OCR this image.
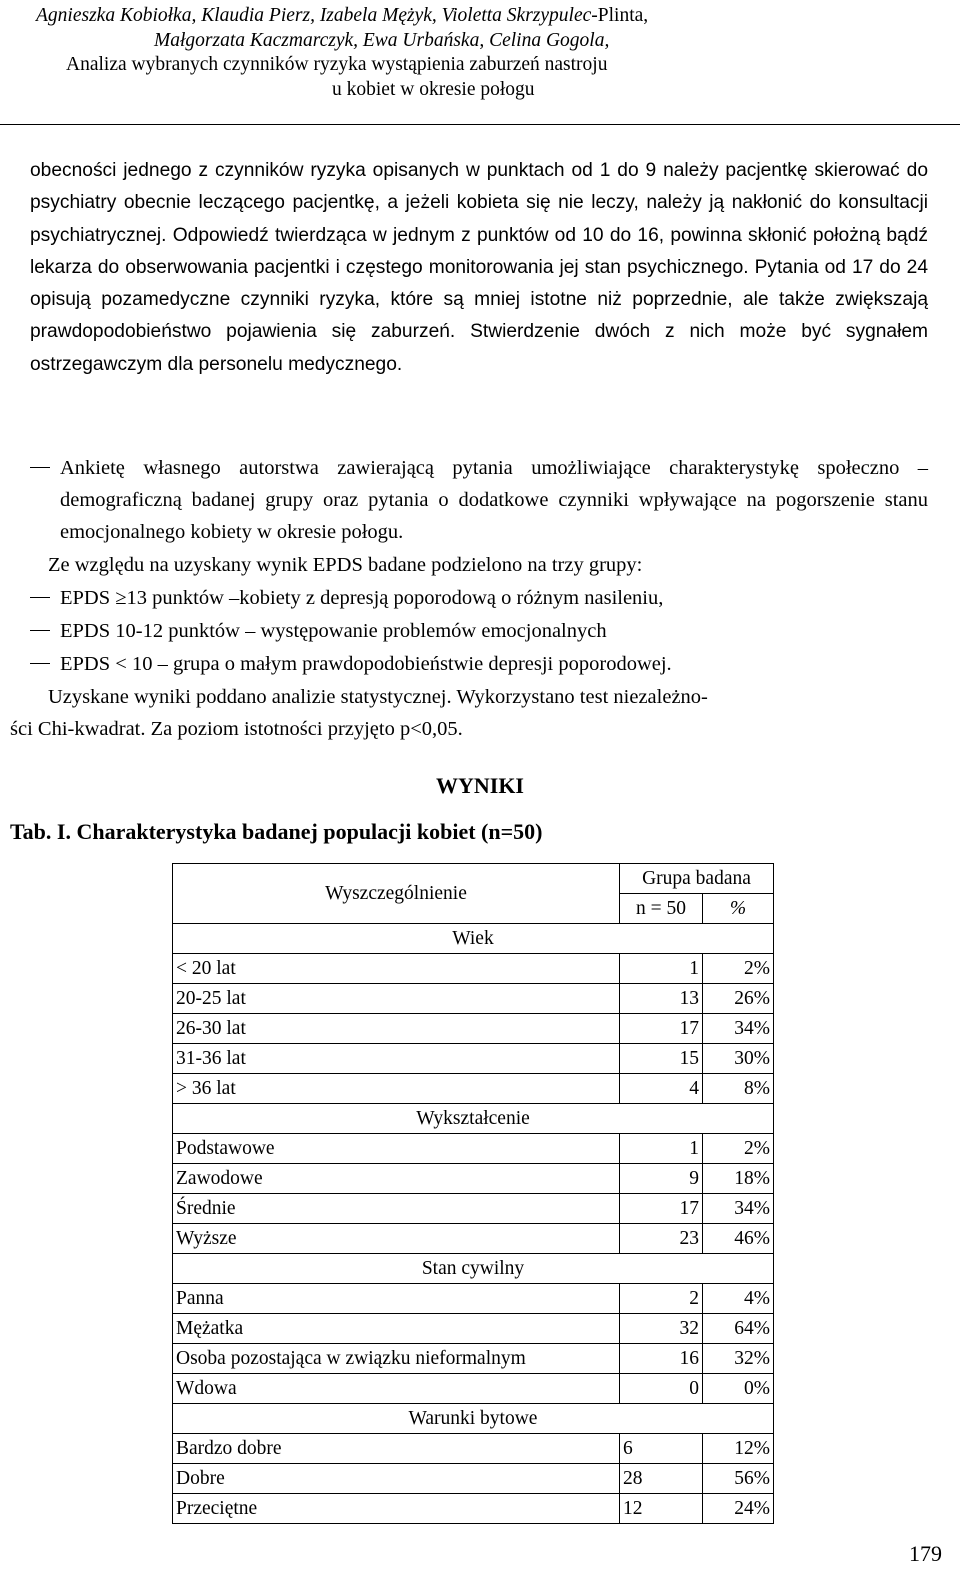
Agnieszka Kobiołka, Klaudia Pierz, Izabela Mężyk, Violetta Skrzypulec-Plinta,
Małgorzata Kaczmarczyk, Ewa Urbańska, Celina Gogola,
Analiza wybranych czynników ryzyka wystąpienia zaburzeń nastroju
u kobiet w okresie połogu
obecności jednego z czynników ryzyka opisanych w punktach od 1 do 9 należy pacjentkę skierować do psychiatry obecnie leczącego pacjentkę, a jeżeli kobieta się nie leczy, należy ją nakłonić do konsultacji psychiatrycznej. Odpowiedź twierdząca w jednym z punktów od 10 do 16, powinna skłonić położną bądź lekarza do obserwowania pacjentki i częstego monitorowania jej stan psychicznego. Pytania od 17 do 24 opisują pozamedyczne czynniki ryzyka, które są mniej istotne niż poprzednie, ale także zwiększają prawdopodobieństwo pojawienia się zaburzeń. Stwierdzenie dwóch z nich może być sygnałem ostrzegawczym dla personelu medycznego.
Ankietę własnego autorstwa zawierającą pytania umożliwiające charakterystykę społeczno – demograficzną badanej grupy oraz pytania o dodatkowe czynniki wpływające na pogorszenie stanu emocjonalnego kobiety w okresie połogu.
Ze względu na uzyskany wynik EPDS badane podzielono na trzy grupy:
EPDS ≥13 punktów –kobiety z depresją poporodową o różnym nasileniu,
EPDS 10-12 punktów – występowanie problemów emocjonalnych
EPDS < 10 – grupa o małym prawdopodobieństwie depresji poporodowej.
Uzyskane wyniki poddano analizie statystycznej. Wykorzystano test niezależno-
ści Chi-kwadrat. Za poziom istotności przyjęto p<0,05.
WYNIKI
Tab. I. Charakterystyka badanej populacji kobiet (n=50)
Wyszczególnienie	Grupa badana	
	n = 50	%
Wiek		
< 20 lat	1	2%
20-25 lat	13	26%
26-30 lat	17	34%
31-36 lat	15	30%
> 36 lat	4	8%
Wykształcenie		
Podstawowe	1	2%
Zawodowe	9	18%
Średnie	17	34%
Wyższe	23	46%
Stan cywilny		
Panna	2	4%
Mężatka	32	64%
Osoba pozostająca w związku nieformalnym	16	32%
Wdowa	0	0%
Warunki bytowe		
Bardzo dobre	6	12%
Dobre	28	56%
Przeciętne	12	24%
179
